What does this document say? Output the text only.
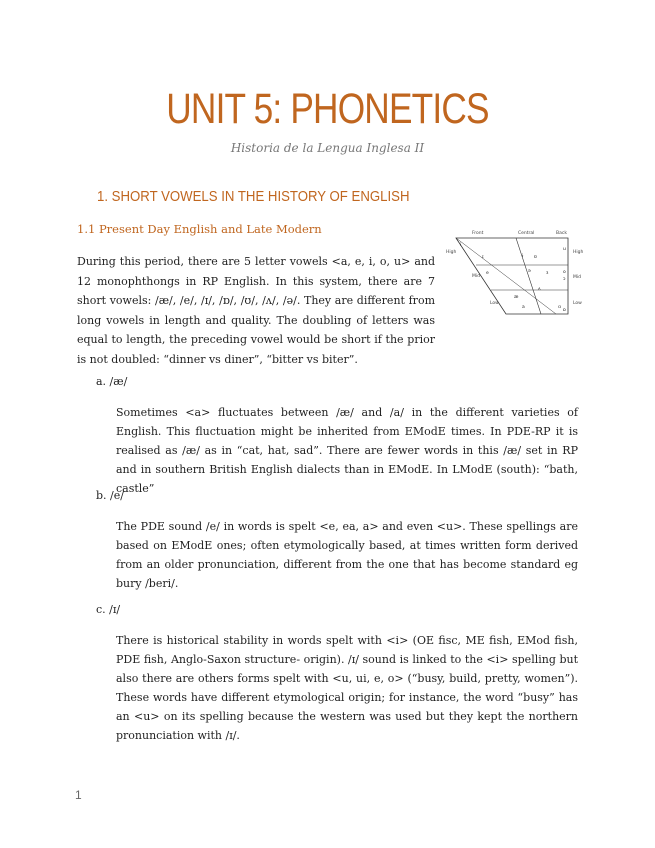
UNIT 5: PHONETICS
Historia de la Lengua Inglesa II
1. SHORT VOWELS IN THE HISTORY OF ENGLISH
1.1 Present Day English and Late Modern

During this period, there are 5 letter vowels <a, e, i, o, u> and 12 monophthongs in RP English. In this system, there are 7 short vowels: /æ/, /e/, /ɪ/, /ɒ/, /ʊ/, /ʌ/, /ə/. They are different from long vowels in length and quality. The doubling of letters was equal to length, the preceding vowel would be short if the prior is not doubled: “dinner vs diner”, “bitter vs biter”.

Front	Central	Back
High
Mid
Low
High
Mid
Low
i
ɪ	ʊ
ɨ
ə	ɜ
ʌ
e
ɔ
æ
a	ɑ
ɒ
o
u
a. /æ/

Sometimes <a> fluctuates between /æ/ and /a/ in the different varieties of English. This fluctuation might be inherited from EModE times. In PDE-RP it is realised as /æ/ as in “cat, hat, sad”. There are fewer words in this /æ/ set in RP and in southern British English dialects than in EModE. In LModE (south): “bath, castle”

b. /e/

The PDE sound /e/ in words is spelt <e, ea, a> and even <u>. These spellings are based on EModE ones; often etymologically based, at times written form derived from an older pronunciation, different from the one that has become standard eg bury /beri/.

c. /ɪ/

There is historical stability in words spelt with <i> (OE fisc, ME fish, EMod fish, PDE fish, Anglo-Saxon structure- origin). /ɪ/ sound is linked to the <i> spelling but also there are others forms spelt with <u, ui, e, o> (“busy, build, pretty, women”). These words have different etymological origin; for instance, the word “busy” has an <u> on its spelling because the western was used but they kept the northern pronunciation with /ɪ/.

1
